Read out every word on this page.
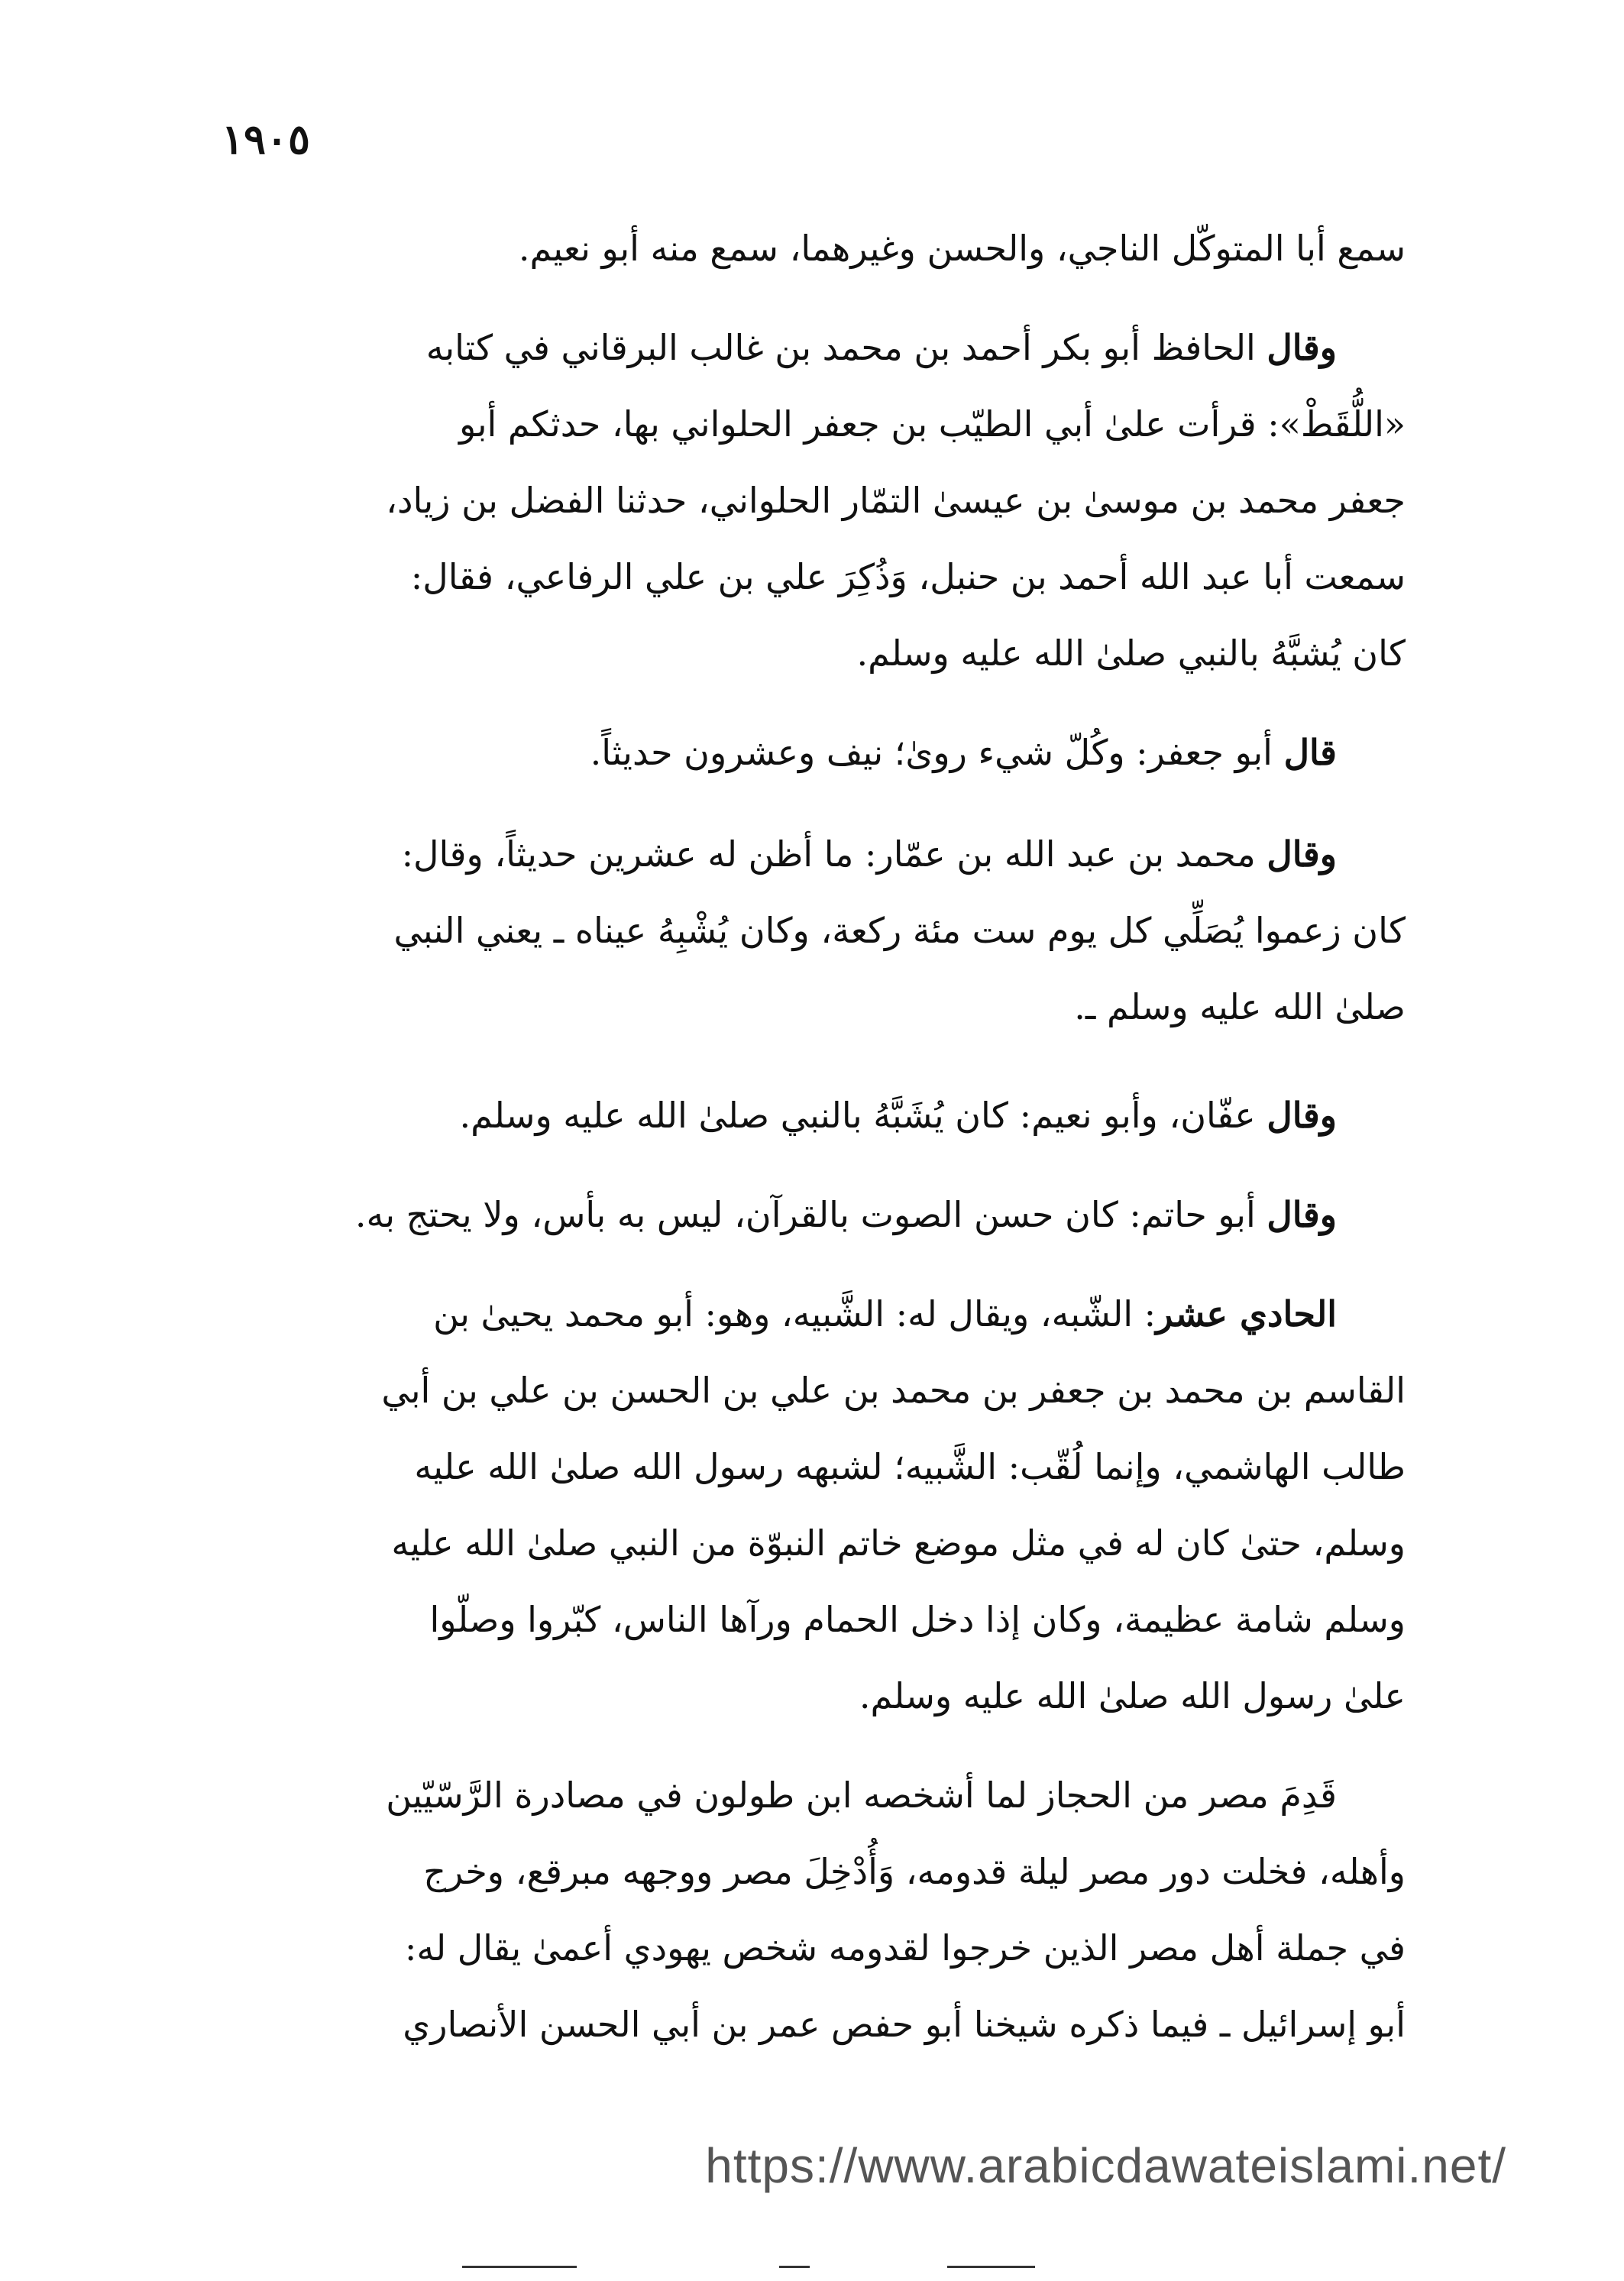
١٩٠٥
سمع أبا المتوكّل الناجي، والحسن وغيرهما، سمع منه أبو نعيم.
وقال الحافظ أبو بكر أحمد بن محمد بن غالب البرقاني في كتابه
«اللُّقَطْ»: قرأت علىٰ أبي الطيّب بن جعفر الحلواني بها، حدثكم أبو
جعفر محمد بن موسىٰ بن عيسىٰ التمّار الحلواني، حدثنا الفضل بن زياد،
سمعت أبا عبد الله أحمد بن حنبل، وَذُكِرَ علي بن علي الرفاعي، فقال:
كان يُشبَّهُ بالنبي صلىٰ الله عليه وسلم.
قال أبو جعفر: وكُلّ شيء روىٰ؛ نيف وعشرون حديثاً.
وقال محمد بن عبد الله بن عمّار: ما أظن له عشرين حديثاً، وقال:
كان زعموا يُصَلِّي كل يوم ست مئة ركعة، وكان يُشْبِهُ عيناه ـ يعني النبي
صلىٰ الله عليه وسلم ـ.
وقال عفّان، وأبو نعيم: كان يُشَبَّهُ بالنبي صلىٰ الله عليه وسلم.
وقال أبو حاتم: كان حسن الصوت بالقرآن، ليس به بأس، ولا يحتج به.
الحادي عشر: الشّبه، ويقال له: الشَّبيه، وهو: أبو محمد يحيىٰ بن
القاسم بن محمد بن جعفر بن محمد بن علي بن الحسن بن علي بن أبي
طالب الهاشمي، وإنما لُقّب: الشَّبيه؛ لشبهه رسول الله صلىٰ الله عليه
وسلم، حتىٰ كان له في مثل موضع خاتم النبوّة من النبي صلىٰ الله عليه
وسلم شامة عظيمة، وكان إذا دخل الحمام ورآها الناس، كبّروا وصلّوا
علىٰ رسول الله صلىٰ الله عليه وسلم.
قَدِمَ مصر من الحجاز لما أشخصه ابن طولون في مصادرة الرَّسّيّين
وأهله، فخلت دور مصر ليلة قدومه، وَأُدْخِلَ مصر ووجهه مبرقع، وخرج
في جملة أهل مصر الذين خرجوا لقدومه شخص يهودي أعمىٰ يقال له:
أبو إسرائيل ـ فيما ذكره شيخنا أبو حفص عمر بن أبي الحسن الأنصاري
https://www.arabicdawateislami.net/
